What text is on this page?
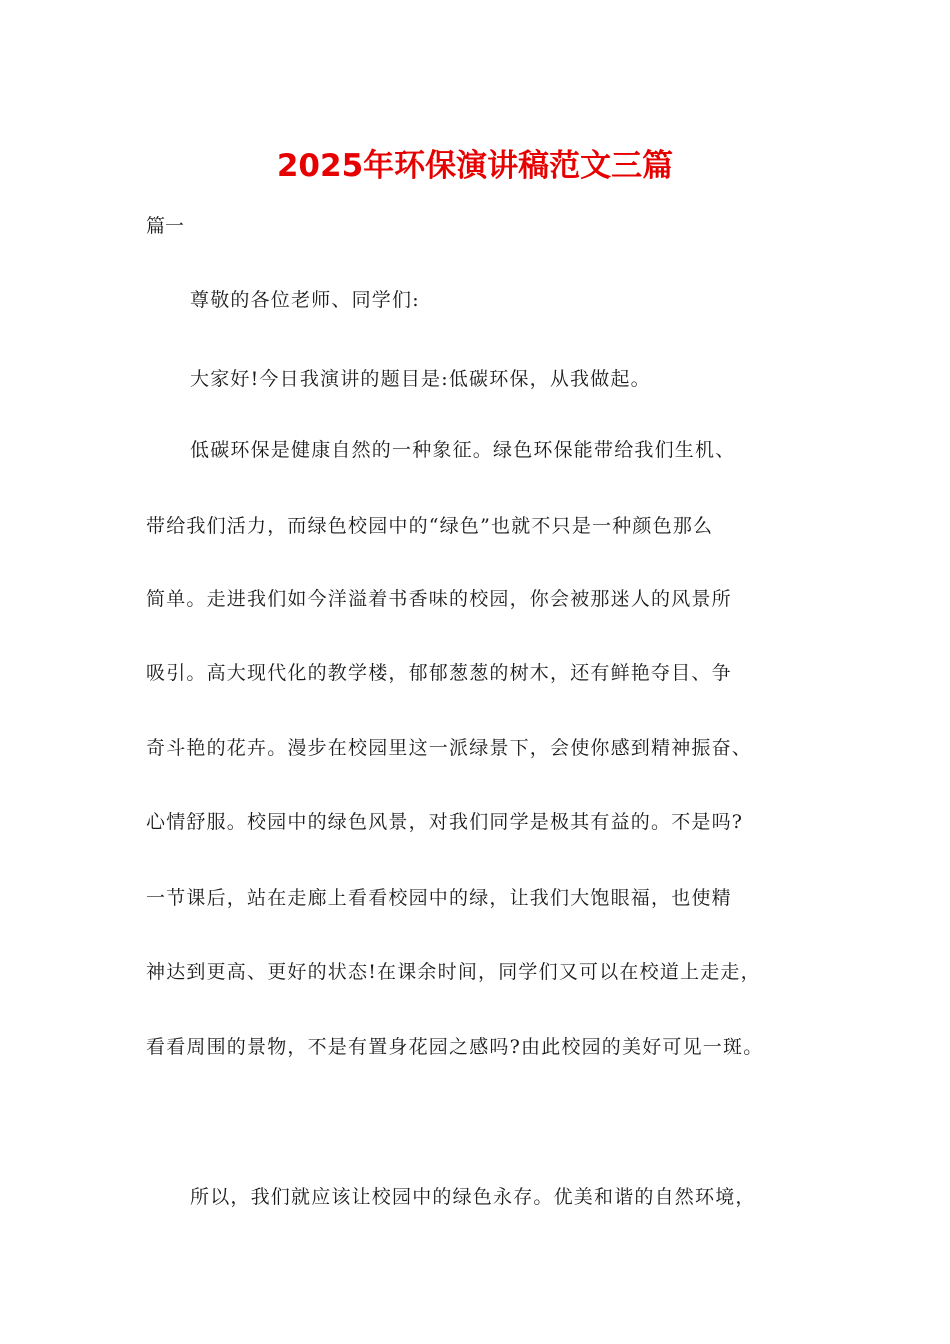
2025年环保演讲稿范文三篇

篇一

尊敬的各位老师、同学们:

大家好!今日我演讲的题目是:低碳环保，从我做起。

低碳环保是健康自然的一种象征。绿色环保能带给我们生机、

带给我们活力，而绿色校园中的“绿色”也就不只是一种颜色那么

简单。走进我们如今洋溢着书香味的校园，你会被那迷人的风景所

吸引。高大现代化的教学楼，郁郁葱葱的树木，还有鲜艳夺目、争

奇斗艳的花卉。漫步在校园里这一派绿景下，会使你感到精神振奋、

心情舒服。校园中的绿色风景，对我们同学是极其有益的。不是吗?

一节课后，站在走廊上看看校园中的绿，让我们大饱眼福，也使精

神达到更高、更好的状态!在课余时间，同学们又可以在校道上走走，

看看周围的景物，不是有置身花园之感吗?由此校园的美好可见一斑。

所以，我们就应该让校园中的绿色永存。优美和谐的自然环境，
